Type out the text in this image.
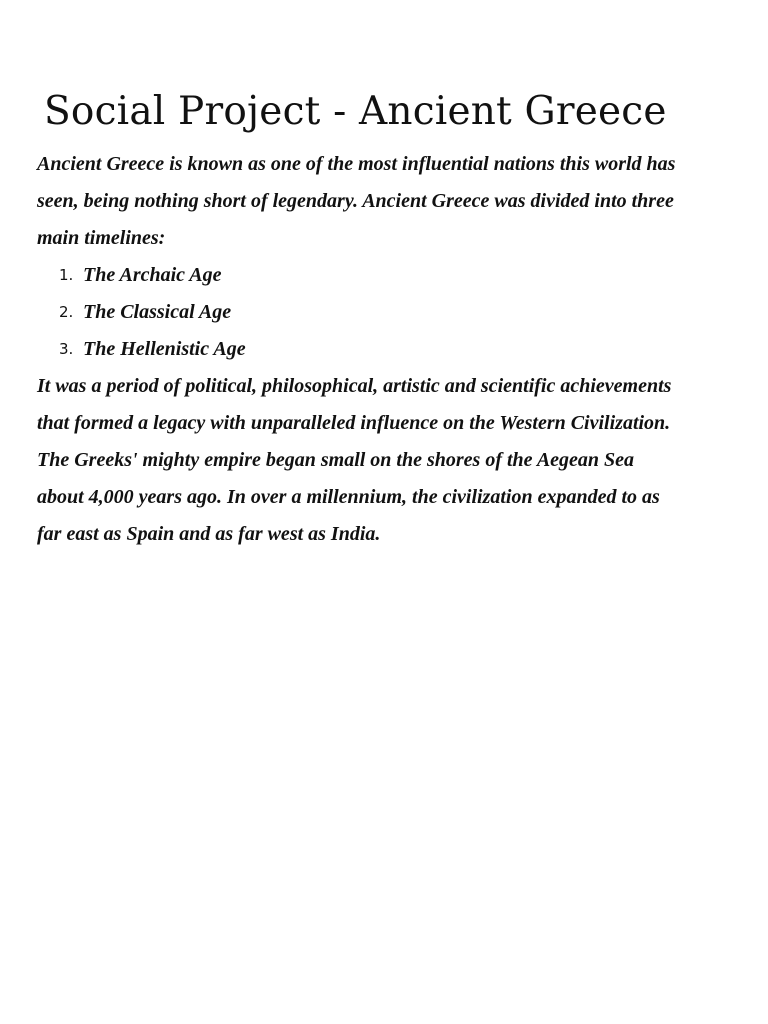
Social Project - Ancient Greece

Ancient Greece is known as one of the most influential nations this world has seen, being nothing short of legendary. Ancient Greece was divided into three main timelines:

1. The Archaic Age
2. The Classical Age
3. The Hellenistic Age

It was a period of political, philosophical, artistic and scientific achievements that formed a legacy with unparalleled influence on the Western Civilization. The Greeks' mighty empire began small on the shores of the Aegean Sea about 4,000 years ago. In over a millennium, the civilization expanded to as far east as Spain and as far west as India.
